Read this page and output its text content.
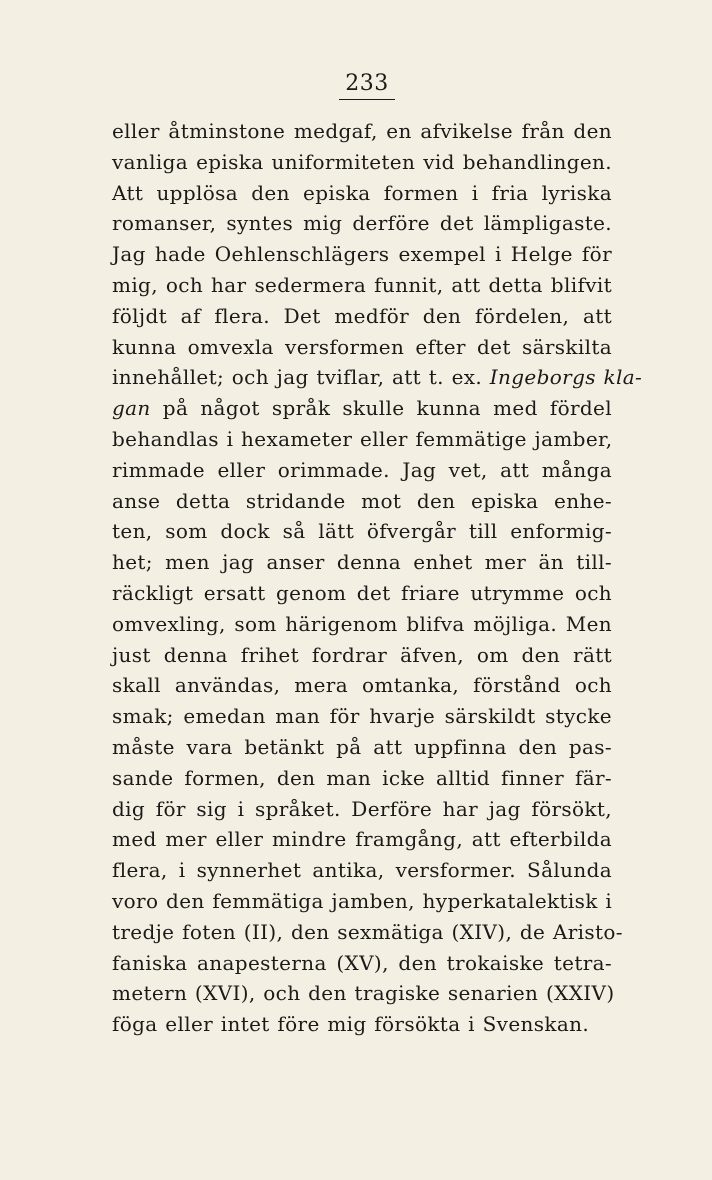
233
eller åtminstone medgaf, en afvikelse från den
vanliga episka uniformiteten vid behandlingen.
Att upplösa den episka formen i fria lyriska
romanser, syntes mig derföre det lämpligaste.
Jag hade Oehlenschlägers exempel i Helge för
mig, och har sedermera funnit, att detta blifvit
följdt af flera. Det medför den fördelen, att
kunna omvexla versformen efter det särskilta
innehållet; och jag tviflar, att t. ex. Ingeborgs kla-
gan på något språk skulle kunna med fördel
behandlas i hexameter eller femmätige jamber,
rimmade eller orimmade. Jag vet, att många
anse detta stridande mot den episka enhe-
ten, som dock så lätt öfvergår till enformig-
het; men jag anser denna enhet mer än till-
räckligt ersatt genom det friare utrymme och
omvexling, som härigenom blifva möjliga. Men
just denna frihet fordrar äfven, om den rätt
skall användas, mera omtanka, förstånd och
smak; emedan man för hvarje särskildt stycke
måste vara betänkt på att uppfinna den pas-
sande formen, den man icke alltid finner fär-
dig för sig i språket. Derföre har jag försökt,
med mer eller mindre framgång, att efterbilda
flera, i synnerhet antika, versformer. Sålunda
voro den femmätiga jamben, hyperkatalektisk i
tredje foten (II), den sexmätiga (XIV), de Aristo-
faniska anapesterna (XV), den trokaiske tetra-
metern (XVI), och den tragiske senarien (XXIV)
föga eller intet före mig försökta i Svenskan.
